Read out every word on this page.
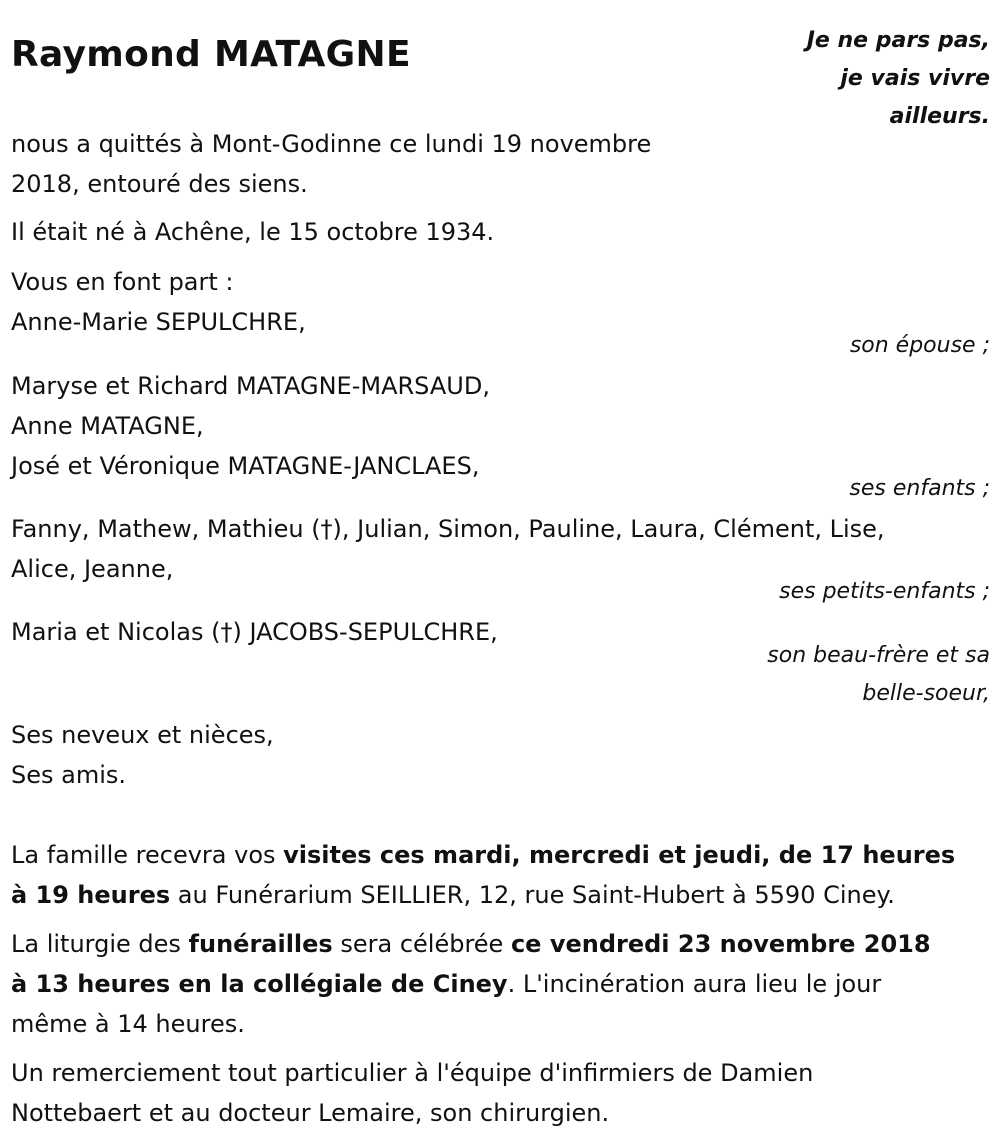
Raymond MATAGNE	Je ne pars pas,
je vais vivre
ailleurs.

nous a quittés à Mont-Godinne ce lundi 19 novembre
2018, entouré des siens.

Il était né à Achêne, le 15 octobre 1934.

Vous en font part :
Anne-Marie SEPULCHRE,

son épouse ;

Maryse et Richard MATAGNE-MARSAUD,
Anne MATAGNE,
José et Véronique MATAGNE-JANCLAES,

ses enfants ;

Fanny, Mathew, Mathieu (†), Julian, Simon, Pauline, Laura, Clément, Lise,
Alice, Jeanne,

ses petits-enfants ;

Maria et Nicolas (†) JACOBS-SEPULCHRE,

son beau-frère et sa
belle-soeur,

Ses neveux et nièces,
Ses amis.

La famille recevra vos visites ces mardi, mercredi et jeudi, de 17 heures
à 19 heures au Funérarium SEILLIER, 12, rue Saint-Hubert à 5590 Ciney.

La liturgie des funérailles sera célébrée ce vendredi 23 novembre 2018
à 13 heures en la collégiale de Ciney. L'incinération aura lieu le jour
même à 14 heures.

Un remerciement tout particulier à l'équipe d'infirmiers de Damien
Nottebaert et au docteur Lemaire, son chirurgien.
